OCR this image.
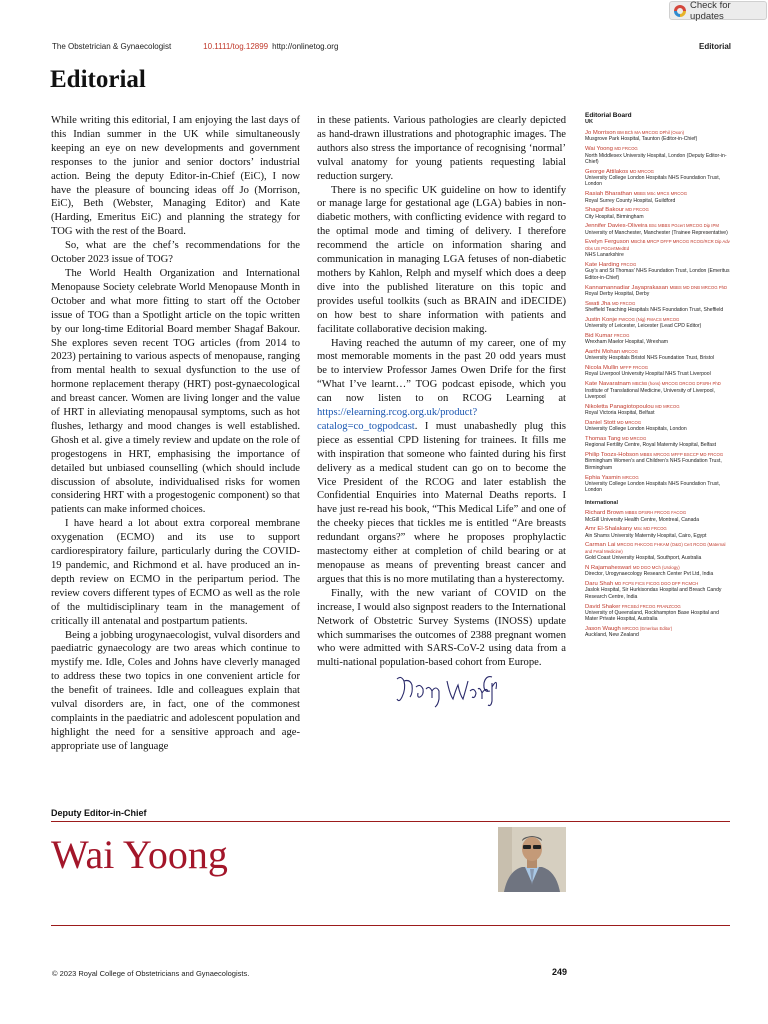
Check for updates
The Obstetrician & Gynaecologist	10.1111/tog.12899 http://onlinetog.org	Editorial
Editorial

While writing this editorial, I am enjoying the last days of this Indian summer in the UK while simultaneously keeping an eye on new developments and government responses to the junior and senior doctors’ industrial action. Being the deputy Editor-in-Chief (EiC), I now have the pleasure of bouncing ideas off Jo (Morrison, EiC), Beth (Webster, Managing Editor) and Kate (Harding, Emeritus EiC) and planning the strategy for TOG with the rest of the Board.

So, what are the chef’s recommendations for the October 2023 issue of TOG?

The World Health Organization and International Menopause Society celebrate World Menopause Month in October and what more fitting to start off the October issue of TOG than a Spotlight article on the topic written by our long-time Editorial Board member Shagaf Bakour. She explores seven recent TOG articles (from 2014 to 2023) pertaining to various aspects of menopause, ranging from mental health to sexual dysfunction to the use of hormone replacement therapy (HRT) post-gynaecological and breast cancer. Women are living longer and the value of HRT in alleviating menopausal symptoms, such as hot flushes, lethargy and mood changes is well established. Ghosh et al. give a timely review and update on the role of progestogens in HRT, emphasising the importance of detailed but unbiased counselling (which should include discussion of absolute, individualised risks for women considering HRT with a progestogenic component) so that patients can make informed choices.

I have heard a lot about extra corporeal membrane oxygenation (ECMO) and its use to support cardiorespiratory failure, particularly during the COVID-19 pandemic, and Richmond et al. have produced an in-depth review on ECMO in the peripartum period. The review covers different types of ECMO as well as the role of the multidisciplinary team in the management of critically ill antenatal and postpartum patients.

Being a jobbing urogynaecologist, vulval disorders and paediatric gynaecology are two areas which continue to mystify me. Idle, Coles and Johns have cleverly managed to address these two topics in one convenient article for the benefit of trainees. Idle and colleagues explain that vulval disorders are, in fact, one of the commonest complaints in the paediatric and adolescent population and highlight the need for a sensitive approach and age-appropriate use of language

in these patients. Various pathologies are clearly depicted as hand-drawn illustrations and photographic images. The authors also stress the importance of recognising ‘normal’ vulval anatomy for young patients requesting labial reduction surgery.

There is no specific UK guideline on how to identify or manage large for gestational age (LGA) babies in non-diabetic mothers, with conflicting evidence with regard to the optimal mode and timing of delivery. I therefore recommend the article on information sharing and communication in managing LGA fetuses of non-diabetic mothers by Kahlon, Relph and myself which does a deep dive into the published literature on this topic and provides useful toolkits (such as BRAIN and iDECIDE) on how best to share information with patients and facilitate collaborative decision making.

Having reached the autumn of my career, one of my most memorable moments in the past 20 odd years must be to interview Professor James Owen Drife for the first “What I’ve learnt…” TOG podcast episode, which you can now listen to on RCOG Learning at https://elearning.rcog.org.uk/product?catalog=co_togpodcast. I must unabashedly plug this piece as essential CPD listening for trainees. It fills me with inspiration that someone who fainted during his first delivery as a medical student can go on to become the Vice President of the RCOG and later establish the Confidential Enquiries into Maternal Deaths reports. I have just re-read his book, “This Medical Life” and one of the cheeky pieces that tickles me is entitled “Are breasts redundant organs?” where he proposes prophylactic mastectomy either at completion of child bearing or at menopause as means of preventing breast cancer and argues that this is no more mutilating than a hysterectomy.

Finally, with the new variant of COVID on the increase, I would also signpost readers to the International Network of Obstetric Survey Systems (INOSS) update which summarises the outcomes of 2388 pregnant women who were admitted with SARS-CoV-2 using data from a multi-national population-based cohort from Europe.

Editorial Board
UK
Jo Morrison BM BCh MA MRCOG DPhil (Oxon)
Musgrove Park Hospital, Taunton (Editor-in-Chief)
Wai Yoong MD FRCOG
North Middlesex University Hospital, London (Deputy Editor-in-Chief)
George Attilakos MD MRCOG
University College London Hospitals NHS Foundation Trust, London
Rasiah Bharathan MBBS MSc MRCS MRCOG
Royal Surrey County Hospital, Guildford
Shagaf Bakour MD FRCOG
City Hospital, Birmingham
Jennifer Davies-Oliveira BSc MBBS PGcert MRCOG Dip IPM
University of Manchester, Manchester (Trainee Representative)
Evelyn Ferguson MBChB MRCP DFFP MRCOG RCOG/RCR Dip Adv Obs US PGCertMedEd
NHS Lanarkshire
Kate Harding FRCOG
Guy’s and St Thomas’ NHS Foundation Trust, London (Emeritus Editor-in-Chief)
Kannamannadiar Jayaprakasan MBBS MD DNB MRCOG PhD
Royal Derby Hospital, Derby
Swati Jha MD FRCOG
Sheffield Teaching Hospitals NHS Foundation Trust, Sheffield
Justin Konje FWCOG (Nig) FMACS MRCOG
University of Leicester, Leicester (Lead CPD Editor)
Bid Kumar FRCOG
Wrexham Maelor Hospital, Wrexham
Aarthi Mohan MRCOG
University Hospitals Bristol NHS Foundation Trust, Bristol
Nicola Mullin MFFP FRCOG
Royal Liverpool University Hospital NHS Trust Liverpool
Kate Navaratnam MBChB (hons) MRCOG DRCOG DFSRH PhD
Institute of Translational Medicine, University of Liverpool, Liverpool
Nikoletta Panagiotopoulou MD MRCOG
Royal Victoria Hospital, Belfast
Daniel Stott MD MRCOG
University College London Hospitals, London
Thomas Tang MD MRCOG
Regional Fertility Centre, Royal Maternity Hospital, Belfast
Philip Toozs-Hobson MBBS MRCOG MFFP BSCCP MD FRCOG
Birmingham Women’s and Children’s NHS Foundation Trust, Birmingham
Ephia Yasmin MRCOG
University College London Hospitals NHS Foundation Trust, London
International
Richard Brown MBBS DFSRH FRCOG FACOG
McGill University Health Centre, Montreal, Canada
Amr El-Shalakany MSc MD FRCOG
Ain Shams University Maternity Hospital, Cairo, Egypt
Carman Lai MRCOG FHKCOG FHKAM (O&G) Cert RCOG (Maternal and Fetal Medicine)
Gold Coast University Hospital, Southport, Australia
N Rajamaheswari MD DGO MCh (Urology)
Director, Urogynaecology Research Center Pvt Ltd, India
Daru Shah MD FCPS FICS FICOG DGO DFP FICMCH
Jaslok Hospital, Sir Hurkisondas Hospital and Breach Candy Research Centre, India
David Shaker FRCSEd FRCOG FRANZCOG
University of Queensland, Rockhampton Base Hospital and Mater Private Hospital, Australia
Jason Waugh MRCOG (Emeritus Editor)
Auckland, New Zealand
Deputy Editor-in-Chief
Wai Yoong
© 2023 Royal College of Obstetricians and Gynaecologists.	249
